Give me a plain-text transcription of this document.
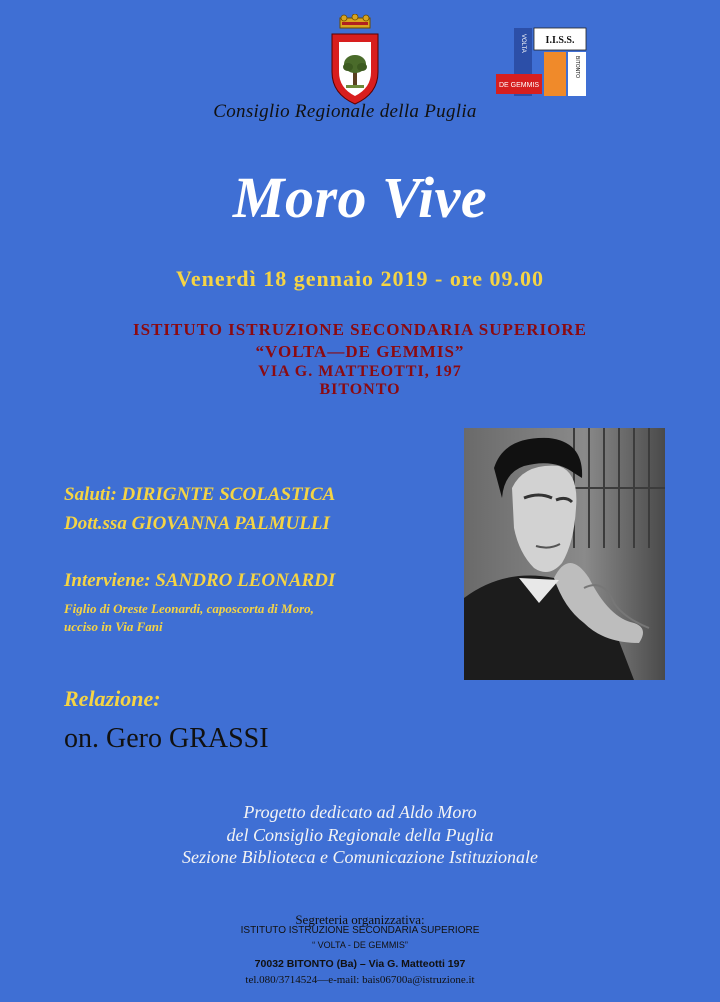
I.I.S.S.
VOLTA
BITONTO
DE GEMMIS
Consiglio Regionale della Puglia
Moro Vive
Venerdì 18 gennaio 2019 - ore 09.00
ISTITUTO ISTRUZIONE SECONDARIA SUPERIORE
“VOLTA—DE GEMMIS”
VIA G. MATTEOTTI, 197
BITONTO
Saluti: DIRIGNTE SCOLASTICA
Dott.ssa GIOVANNA PALMULLI
Interviene: SANDRO LEONARDI
Figlio di Oreste Leonardi, caposcorta di Moro,
ucciso in Via Fani
Relazione:
on. Gero GRASSI
Progetto dedicato ad Aldo Moro
del Consiglio Regionale della Puglia
Sezione Biblioteca e Comunicazione Istituzionale
Segreteria organizzativa:
ISTITUTO ISTRUZIONE SECONDARIA SUPERIORE
“ VOLTA - DE GEMMIS”
70032 BITONTO (Ba) – Via G. Matteotti 197
tel.080/3714524—e-mail: bais06700a@istruzione.it
